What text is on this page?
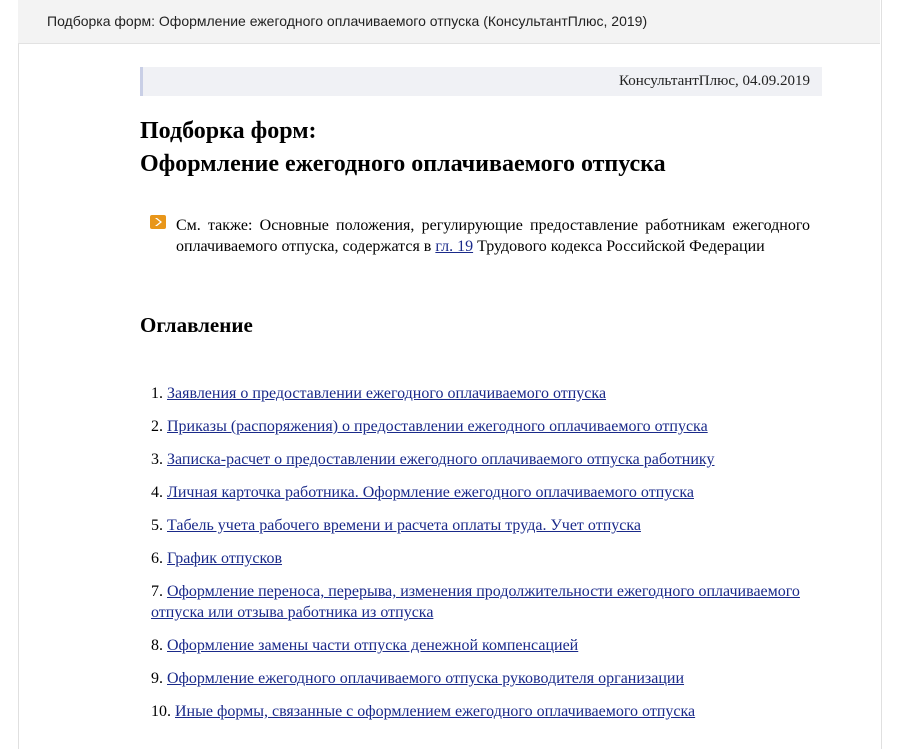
Подборка форм: Оформление ежегодного оплачиваемого отпуска (КонсультантПлюс, 2019)
КонсультантПлюс, 04.09.2019
Подборка форм:
Оформление ежегодного оплачиваемого отпуска
См. также: Основные положения, регулирующие предоставление работникам ежегодного оплачиваемого отпуска, содержатся в гл. 19 Трудового кодекса Российской Федерации
Оглавление
1. Заявления о предоставлении ежегодного оплачиваемого отпуска
2. Приказы (распоряжения) о предоставлении ежегодного оплачиваемого отпуска
3. Записка-расчет о предоставлении ежегодного оплачиваемого отпуска работнику
4. Личная карточка работника. Оформление ежегодного оплачиваемого отпуска
5. Табель учета рабочего времени и расчета оплаты труда. Учет отпуска
6. График отпусков
7. Оформление переноса, перерыва, изменения продолжительности ежегодного оплачиваемого отпуска или отзыва работника из отпуска
8. Оформление замены части отпуска денежной компенсацией
9. Оформление ежегодного оплачиваемого отпуска руководителя организации
10. Иные формы, связанные с оформлением ежегодного оплачиваемого отпуска
